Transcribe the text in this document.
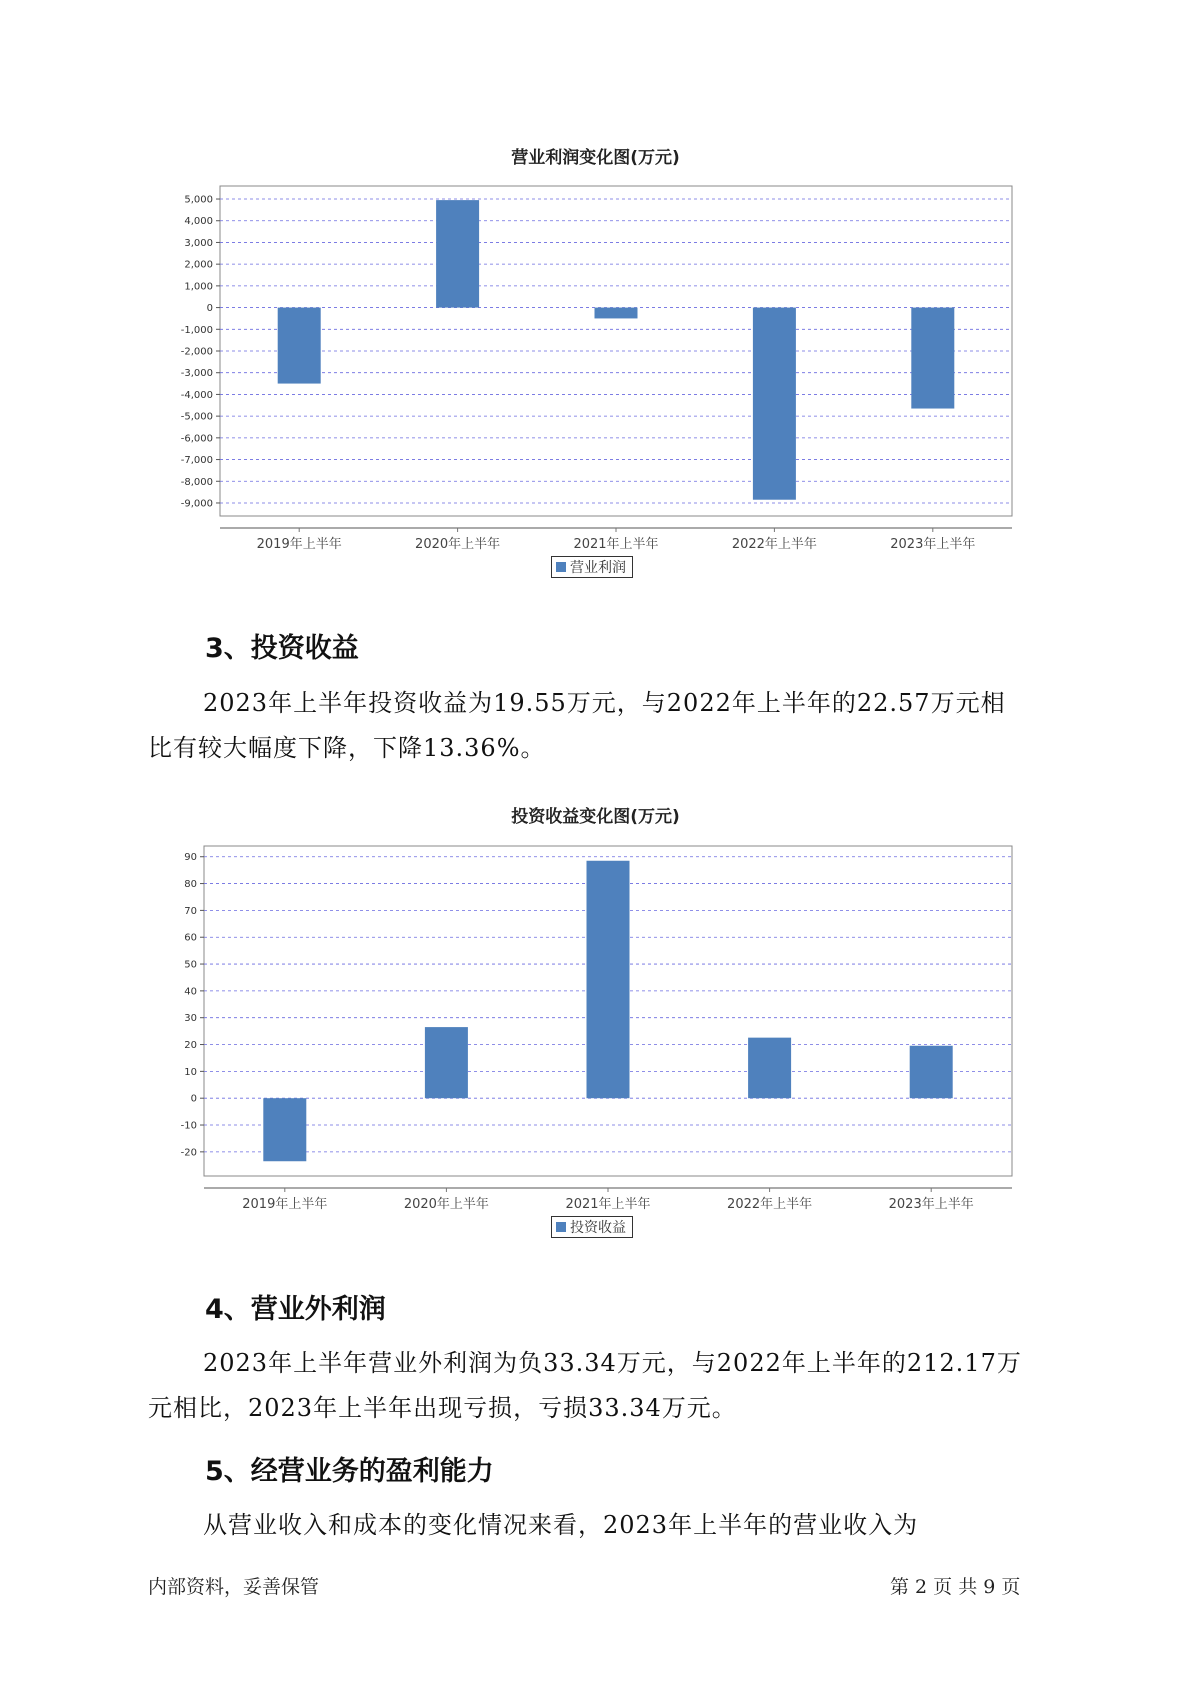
营业利润变化图(万元)
5,000
4,000
3,000
2,000
1,000
0
-1,000
-2,000
-3,000
-4,000
-5,000
-6,000
-7,000
-8,000
-9,000
2019年上半年	2020年上半年	2021年上半年	2022年上半年	2023年上半年
营业利润
3、投资收益
2023年上半年投资收益为19.55万元，与2022年上半年的22.57万元相
比有较大幅度下降，下降13.36%。
投资收益变化图(万元)
90
80
70
60
50
40
30
20
10
0
-10
-20
2019年上半年	2020年上半年	2021年上半年	2022年上半年	2023年上半年
投资收益
4、营业外利润
2023年上半年营业外利润为负33.34万元，与2022年上半年的212.17万
元相比，2023年上半年出现亏损，亏损33.34万元。
5、经营业务的盈利能力
从营业收入和成本的变化情况来看，2023年上半年的营业收入为
内部资料，妥善保管	第 2 页 共 9 页
